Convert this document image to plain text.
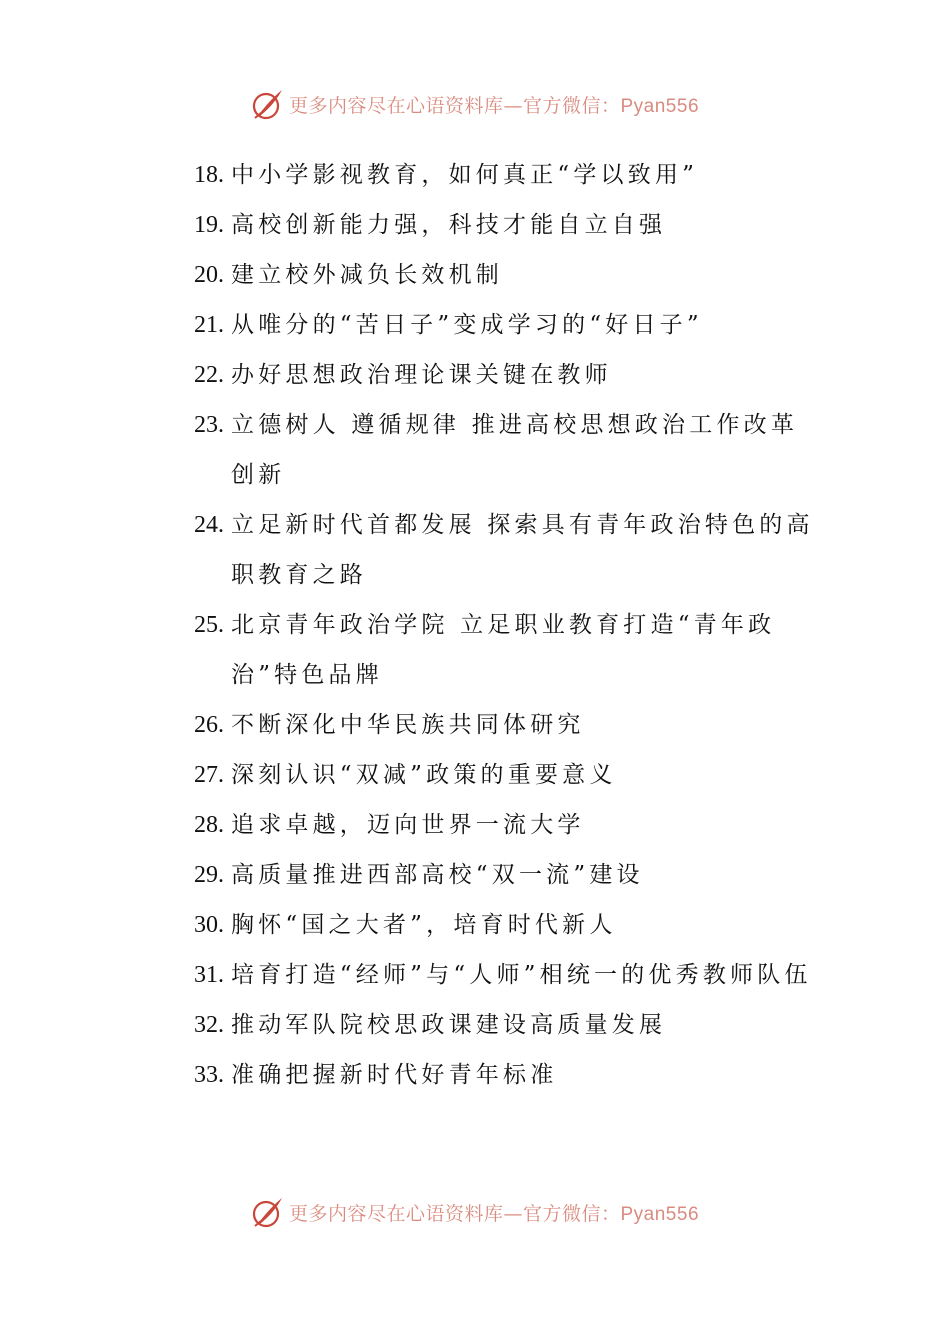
更多内容尽在心语资料库—官方微信：Pyan556
18. 中小学影视教育，如何真正“学以致用”
19. 高校创新能力强，科技才能自立自强
20. 建立校外减负长效机制
21. 从唯分的“苦日子”变成学习的“好日子”
22. 办好思想政治理论课关键在教师
23. 立德树人 遵循规律 推进高校思想政治工作改革创新
24. 立足新时代首都发展 探索具有青年政治特色的高职教育之路
25. 北京青年政治学院 立足职业教育打造“青年政治”特色品牌
26. 不断深化中华民族共同体研究
27. 深刻认识“双减”政策的重要意义
28. 追求卓越，迈向世界一流大学
29. 高质量推进西部高校“双一流”建设
30. 胸怀“国之大者”，培育时代新人
31. 培育打造“经师”与“人师”相统一的优秀教师队伍
32. 推动军队院校思政课建设高质量发展
33. 准确把握新时代好青年标准
更多内容尽在心语资料库—官方微信：Pyan556
